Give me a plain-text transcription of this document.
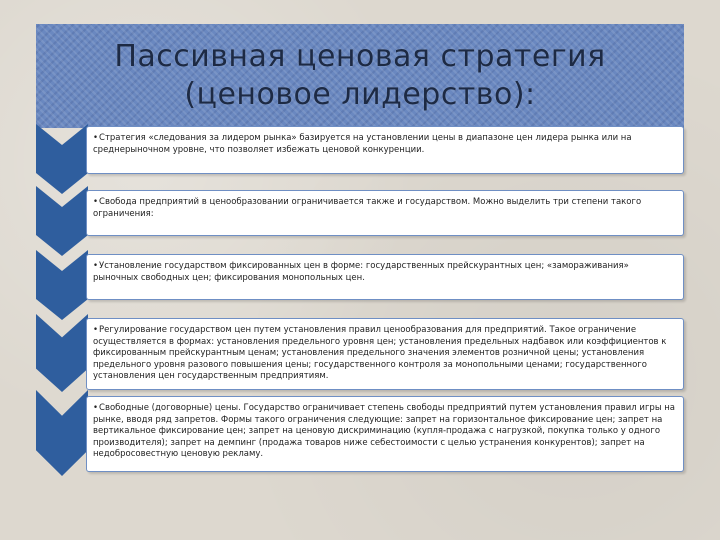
Пассивная ценовая стратегия
(ценовое лидерство):

•Стратегия «следования за лидером рынка» базируется на установлении цены в диапазоне цен лидера рынка или на среднерыночном уровне, что позволяет избежать ценовой конкуренции.

•Свобода предприятий в ценообразовании ограничивается также и государством. Можно выделить три степени такого ограничения:

•Установление государством фиксированных цен в форме: государственных прейскурантных цен; «замораживания» рыночных свободных цен; фиксирования монопольных цен.

•Регулирование государством цен путем установления правил ценообразования для предприятий. Такое ограничение осуществляется в формах: установления предельного уровня цен; установления предельных надбавок или коэффициентов к фиксированным прейскурантным ценам; установления предельного значения элементов розничной цены; установления предельного уровня разового повышения цены; государственного контроля за монопольными ценами; государственного установления цен государственным предприятиям.

•Свободные (договорные) цены. Государство ограничивает степень свободы предприятий путем установления правил игры на рынке, вводя ряд запретов. Формы такого ограничения следующие: запрет на горизонтальное фиксирование цен; запрет на вертикальное фиксирование цен; запрет на ценовую дискриминацию (купля-продажа с нагрузкой, покупка только у одного производителя); запрет на демпинг (продажа товаров ниже себестоимости с целью устранения конкурентов); запрет на недобросовестную ценовую рекламу.
